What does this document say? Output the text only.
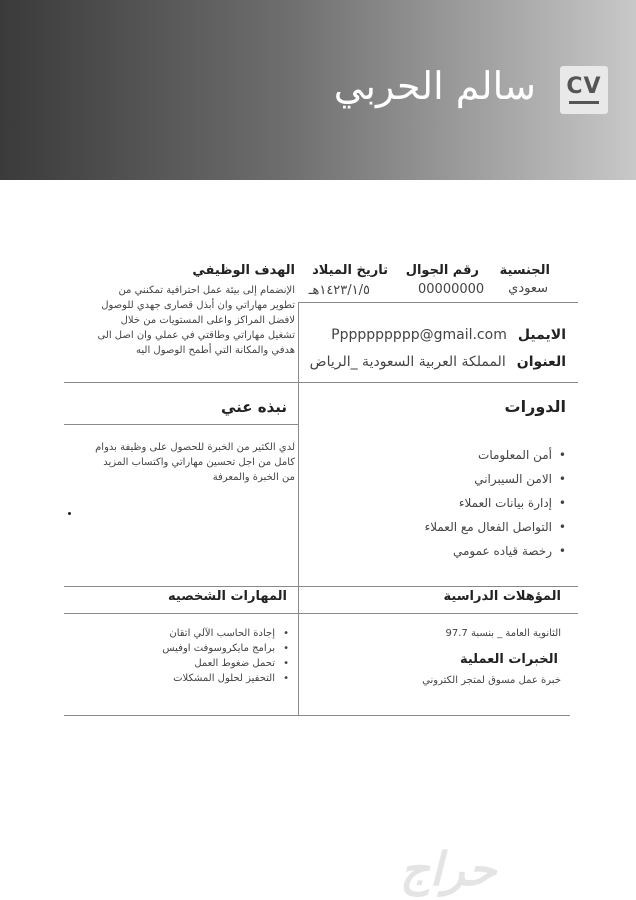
CV
سالم الحربي
الجنسية
سعودي
رقم الجوال
00000000
تاريخ الميلاد
١٤٢٣/١/٥هـ
الهدف الوظيفي
الإنضمام إلى بيئة عمل احترافية تمكنني من
تطوير مهاراتي وان أبذل قصارى جهدي للوصول
لافضل المراكز واعلى المستويات من خلال
تشغيل مهاراتي وطاقتي في عملي وان اصل الى
هدفي والمكانة التي أطمح الوصول اليه
الايميل Pppppppppp@gmail.com
العنوان المملكة العربية السعودية _الرياض
الدورات
• أمن المعلومات
• الامن السيبراني
• إدارة بيانات العملاء
• التواصل الفعال مع العملاء
• رخصة قياده عمومي
نبذه عني
لدي الكثير من الخبرة للحصول على وظيفة بدوام
كامل من اجل تحسين مهاراتي واكتساب المزيد
من الخبرة والمعرفة
المؤهلات الدراسية
الثانوية العامة _ بنسبة 97.7
الخبرات العملية
خبرة عمل مسوق لمتجر الكتروني
المهارات الشخصيه
• إجادة الحاسب الآلي اتقان
• برامج مايكروسوفت اوفيس
• تحمل ضغوط العمل
• التحفيز لحلول المشكلات
حراج
